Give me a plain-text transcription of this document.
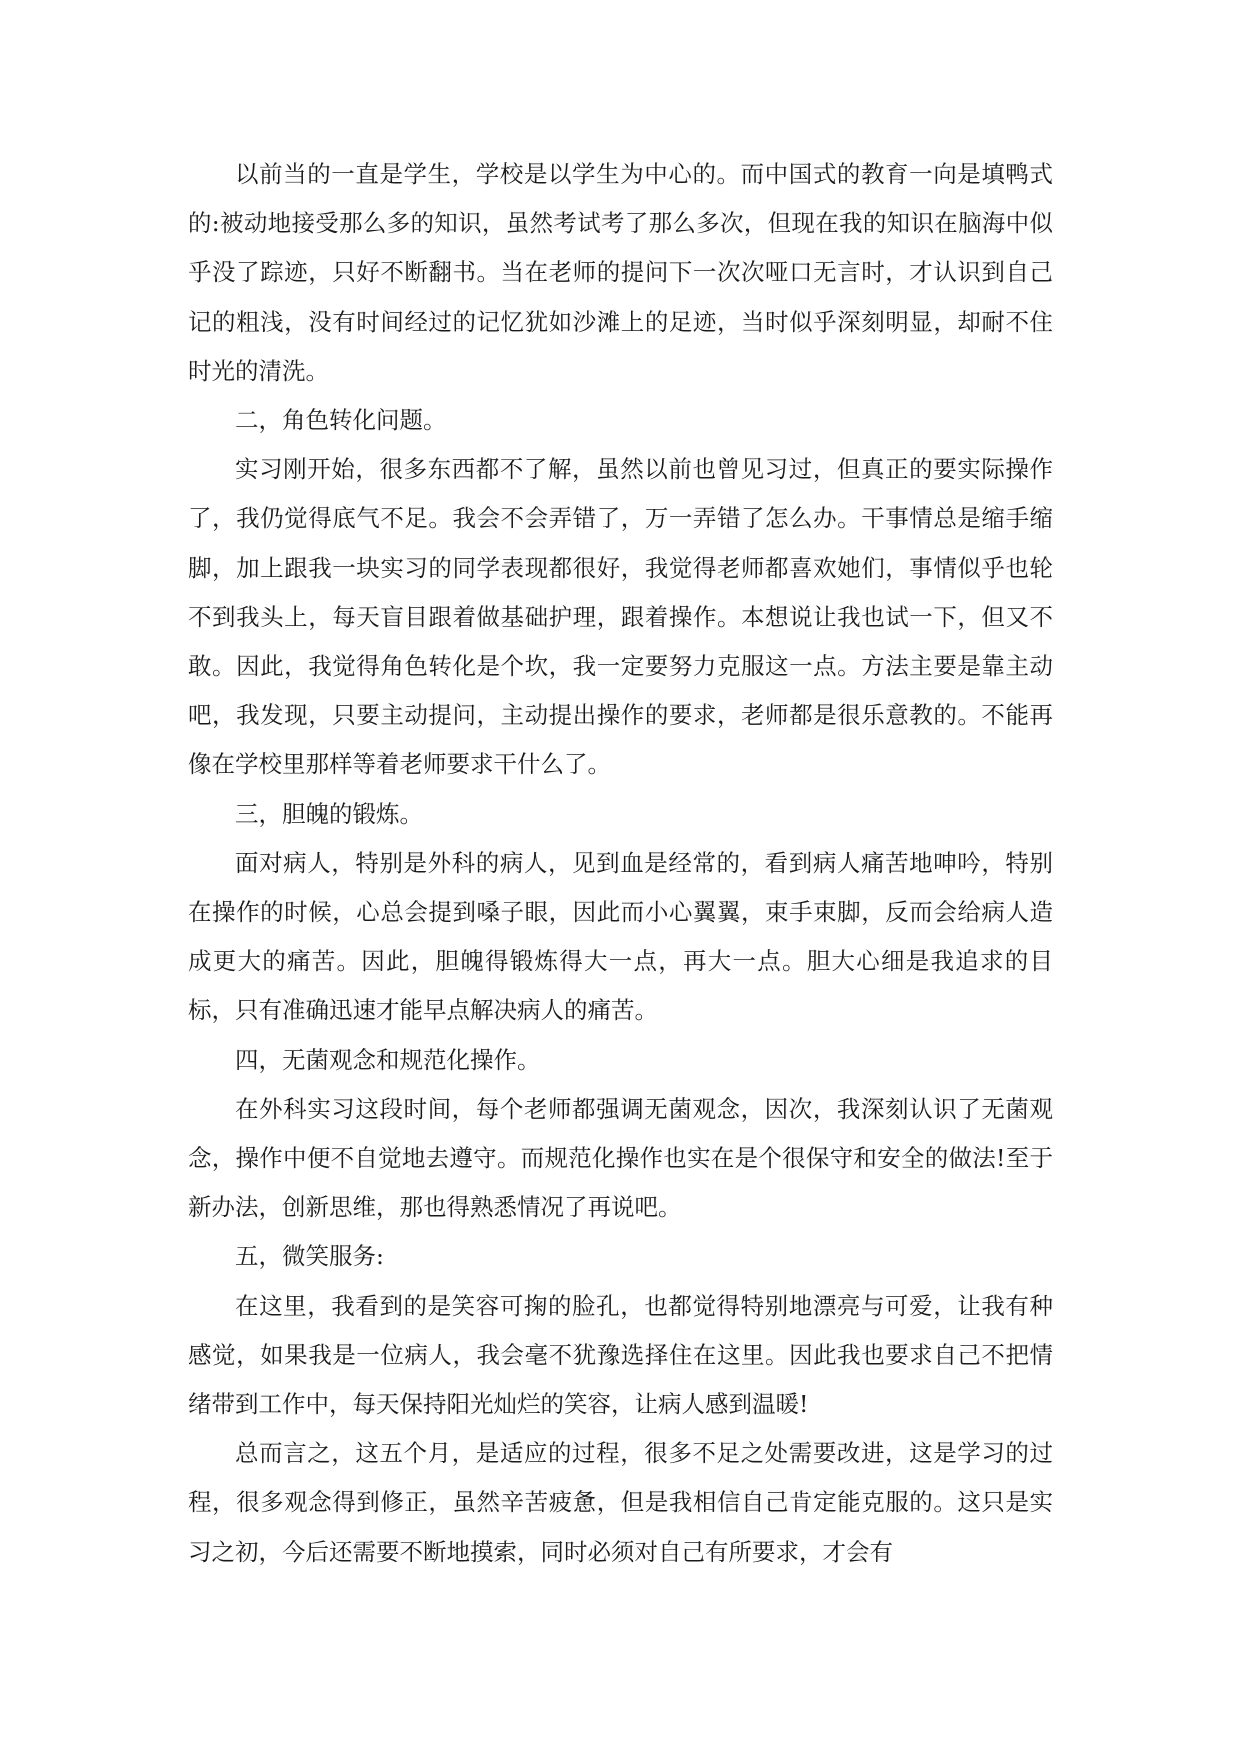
以前当的一直是学生，学校是以学生为中心的。而中国式的教育一向是填鸭式的:被动地接受那么多的知识，虽然考试考了那么多次，但现在我的知识在脑海中似乎没了踪迹，只好不断翻书。当在老师的提问下一次次哑口无言时，才认识到自己记的粗浅，没有时间经过的记忆犹如沙滩上的足迹，当时似乎深刻明显，却耐不住时光的清洗。

二，角色转化问题。

实习刚开始，很多东西都不了解，虽然以前也曾见习过，但真正的要实际操作了，我仍觉得底气不足。我会不会弄错了，万一弄错了怎么办。干事情总是缩手缩脚，加上跟我一块实习的同学表现都很好，我觉得老师都喜欢她们，事情似乎也轮不到我头上，每天盲目跟着做基础护理，跟着操作。本想说让我也试一下，但又不敢。因此，我觉得角色转化是个坎，我一定要努力克服这一点。方法主要是靠主动吧，我发现，只要主动提问，主动提出操作的要求，老师都是很乐意教的。不能再像在学校里那样等着老师要求干什么了。

三，胆魄的锻炼。

面对病人，特别是外科的病人，见到血是经常的，看到病人痛苦地呻吟，特别在操作的时候，心总会提到嗓子眼，因此而小心翼翼，束手束脚，反而会给病人造成更大的痛苦。因此，胆魄得锻炼得大一点，再大一点。胆大心细是我追求的目标，只有准确迅速才能早点解决病人的痛苦。

四，无菌观念和规范化操作。

在外科实习这段时间，每个老师都强调无菌观念，因次，我深刻认识了无菌观念，操作中便不自觉地去遵守。而规范化操作也实在是个很保守和安全的做法!至于新办法，创新思维，那也得熟悉情况了再说吧。

五，微笑服务:

在这里，我看到的是笑容可掬的脸孔，也都觉得特别地漂亮与可爱，让我有种感觉，如果我是一位病人，我会毫不犹豫选择住在这里。因此我也要求自己不把情绪带到工作中，每天保持阳光灿烂的笑容，让病人感到温暖!

总而言之，这五个月，是适应的过程，很多不足之处需要改进，这是学习的过程，很多观念得到修正，虽然辛苦疲惫，但是我相信自己肯定能克服的。这只是实习之初，今后还需要不断地摸索，同时必须对自己有所要求，才会有
